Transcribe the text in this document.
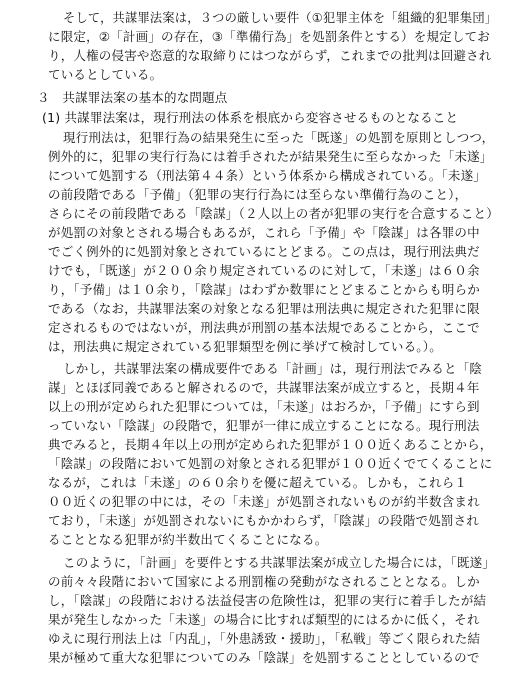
そして，共謀罪法案は，３つの厳しい要件（①犯罪主体を「組織的犯罪集団」
に限定，②「計画」の存在，③「準備行為」を処罰条件とする）を規定してお
り，人権の侵害や恣意的な取締りにはつながらず，これまでの批判は回避され
ているとしている。
３　共謀罪法案の基本的な問題点
(1) 共謀罪法案は，現行刑法の体系を根底から変容させるものとなること
現行刑法は，犯罪行為の結果発生に至った「既遂」の処罰を原則としつつ，
例外的に，犯罪の実行行為には着手されたが結果発生に至らなかった「未遂」
について処罰する（刑法第４４条）という体系から構成されている。「未遂」
の前段階である「予備」（犯罪の実行行為には至らない準備行為のこと），
さらにその前段階である「陰謀」（２人以上の者が犯罪の実行を合意すること）
が処罰の対象とされる場合もあるが，これら「予備」や「陰謀」は各罪の中
でごく例外的に処罰対象とされているにとどまる。この点は，現行刑法典だ
けでも，「既遂」が２００余り規定されているのに対して，「未遂」は６０余
り，「予備」は１０余り，「陰謀」はわずか数罪にとどまることからも明らか
である（なお，共謀罪法案の対象となる犯罪は刑法典に規定された犯罪に限
定されるものではないが，刑法典が刑罰の基本法規であることから，ここで
は，刑法典に規定されている犯罪類型を例に挙げて検討している。）。
しかし，共謀罪法案の構成要件である「計画」は，現行刑法でみると「陰
謀」とほぼ同義であると解されるので，共謀罪法案が成立すると，長期４年
以上の刑が定められた犯罪については，「未遂」はおろか，「予備」にすら到
っていない「陰謀」の段階で，犯罪が一律に成立することになる。現行刑法
典でみると，長期４年以上の刑が定められた犯罪が１００近くあることから，
「陰謀」の段階において処罰の対象とされる犯罪が１００近くでてくることに
なるが，これは「未遂」の６０余りを優に超えている。しかも，これら１
００近くの犯罪の中には，その「未遂」が処罰されないものが約半数含まれ
ており，「未遂」が処罰されないにもかかわらず，「陰謀」の段階で処罰され
ることとなる犯罪が約半数出てくることになる。
このように，「計画」を要件とする共謀罪法案が成立した場合には，「既遂」
の前々々段階において国家による刑罰権の発動がなされることとなる。しか
し，「陰謀」の段階における法益侵害の危険性は，犯罪の実行に着手したが結
果が発生しなかった「未遂」の場合に比すれば類型的にはるかに低く，それ
ゆえに現行刑法上は「内乱」，「外患誘致・援助」，「私戦」等ごく限られた結
果が極めて重大な犯罪についてのみ「陰謀」を処罰することとしているので
